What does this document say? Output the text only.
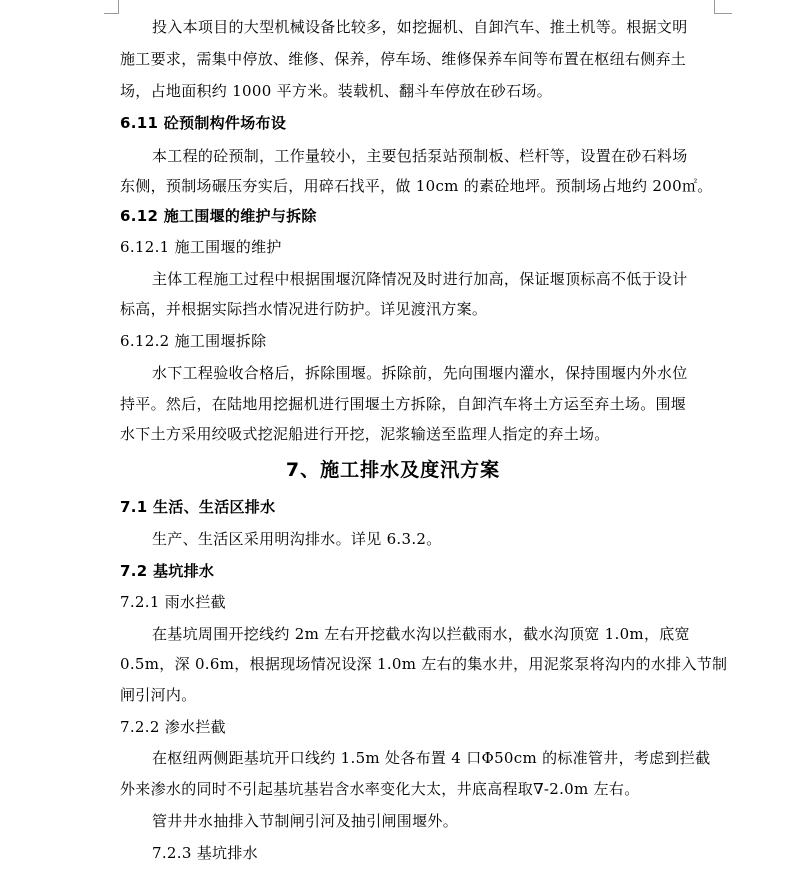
投入本项目的大型机械设备比较多，如挖掘机、自卸汽车、推土机等。根据文明
施工要求，需集中停放、维修、保养，停车场、维修保养车间等布置在枢纽右侧弃土
场，占地面积约 1000 平方米。装载机、翻斗车停放在砂石场。
6.11 砼预制构件场布设
本工程的砼预制，工作量较小，主要包括泵站预制板、栏杆等，设置在砂石料场
东侧，预制场碾压夯实后，用碎石找平，做 10cm 的素砼地坪。预制场占地约 200㎡。
6.12 施工围堰的维护与拆除
6.12.1 施工围堰的维护
主体工程施工过程中根据围堰沉降情况及时进行加高，保证堰顶标高不低于设计
标高，并根据实际挡水情况进行防护。详见渡汛方案。
6.12.2 施工围堰拆除
水下工程验收合格后，拆除围堰。拆除前，先向围堰内灌水，保持围堰内外水位
持平。然后，在陆地用挖掘机进行围堰土方拆除，自卸汽车将土方运至弃土场。围堰
水下土方采用绞吸式挖泥船进行开挖，泥浆输送至监理人指定的弃土场。
7、施工排水及度汛方案
7.1 生活、生活区排水
生产、生活区采用明沟排水。详见 6.3.2。
7.2 基坑排水
7.2.1 雨水拦截
在基坑周围开挖线约 2m 左右开挖截水沟以拦截雨水，截水沟顶宽 1.0m，底宽
0.5m，深 0.6m，根据现场情况设深 1.0m 左右的集水井，用泥浆泵将沟内的水排入节制
闸引河内。
7.2.2 渗水拦截
在枢纽两侧距基坑开口线约 1.5m 处各布置 4 口Φ50cm 的标准管井，考虑到拦截
外来渗水的同时不引起基坑基岩含水率变化大太，井底高程取∇-2.0m 左右。
管井井水抽排入节制闸引河及抽引闸围堰外。
7.2.3 基坑排水
